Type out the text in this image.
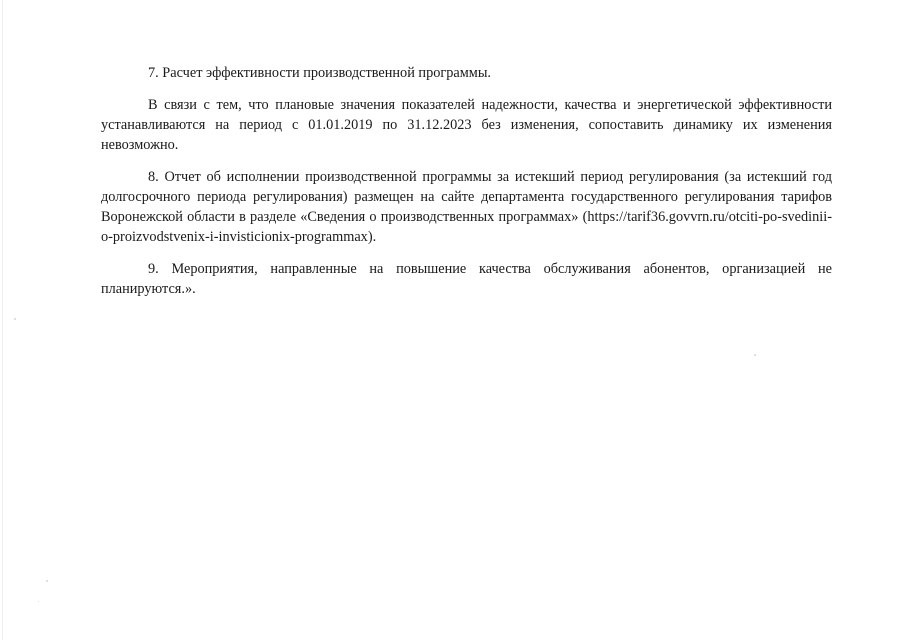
7. Расчет эффективности производственной программы.

В связи с тем, что плановые значения показателей надежности, качества и энергетической эффективности устанавливаются на период с 01.01.2019 по 31.12.2023 без изменения, сопоставить динамику их изменения невозможно.

8. Отчет об исполнении производственной программы за истекший период регулирования (за истекший год долгосрочного периода регулирования) размещен на сайте департамента государственного регулирования тарифов Воронежской области в разделе «Сведения о производственных программах» (https://tarif36.govvrn.ru/otciti-po-svedinii-o-proizvodstvenix-i-invisticionix-programmax).

9. Мероприятия, направленные на повышение качества обслуживания абонентов, организацией не планируются.».
